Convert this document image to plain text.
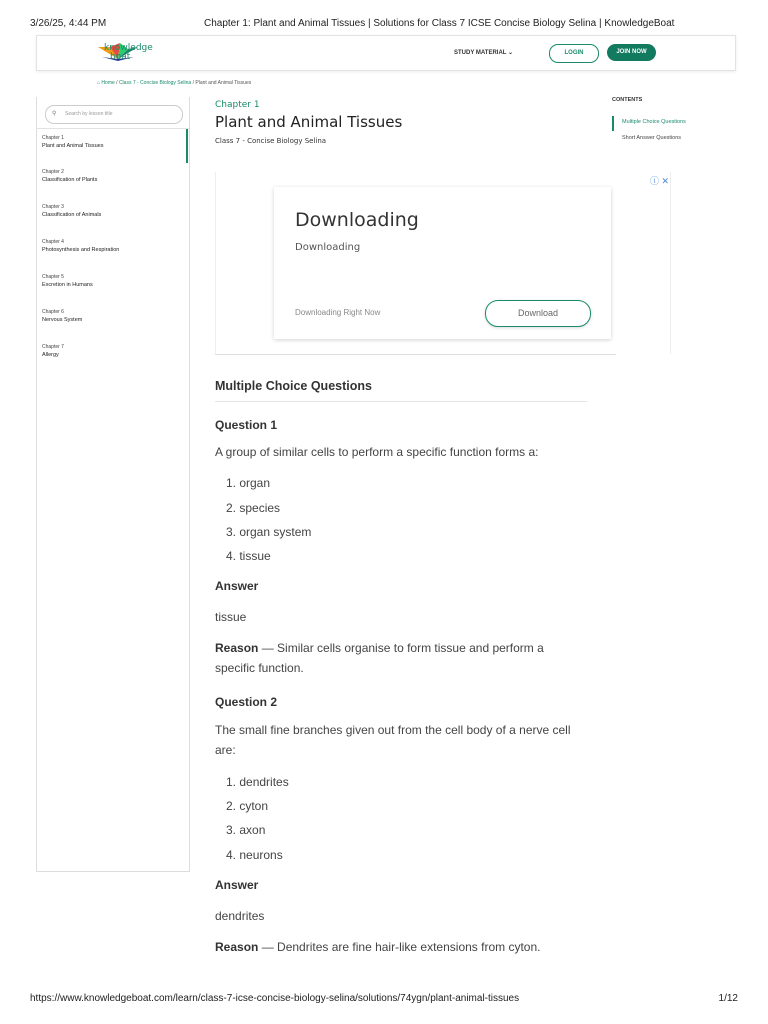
3/26/25, 4:44 PM	Chapter 1: Plant and Animal Tissues | Solutions for Class 7 ICSE Concise Biology Selina | KnowledgeBoat
knowledge
boat	STUDY MATERIAL ⌄	LOGIN	JOIN NOW
⌂ Home / Class 7 - Concise Biology Selina / Plant and Animal Tissues
⚲ Search by lesson title
Chapter 1
Plant and Animal Tissues
Chapter 2
Classification of Plants
Chapter 3
Classification of Animals
Chapter 4
Photosynthesis and Respiration
Chapter 5
Excretion in Humans
Chapter 6
Nervous System
Chapter 7
Allergy
Chapter 1
Plant and Animal Tissues
Class 7 - Concise Biology Selina
CONTENTS
Multiple Choice Questions
Short Answer Questions
ⓘ ✕
Downloading
Downloading
Downloading Right Now	Download
Multiple Choice Questions
Question 1
A group of similar cells to perform a specific function forms a:
1. organ
2. species
3. organ system
4. tissue
Answer
tissue
Reason — Similar cells organise to form tissue and perform a specific function.
Question 2
The small fine branches given out from the cell body of a nerve cell are:
1. dendrites
2. cyton
3. axon
4. neurons
Answer
dendrites
Reason — Dendrites are fine hair-like extensions from cyton.
https://www.knowledgeboat.com/learn/class-7-icse-concise-biology-selina/solutions/74ygn/plant-animal-tissues	1/12
